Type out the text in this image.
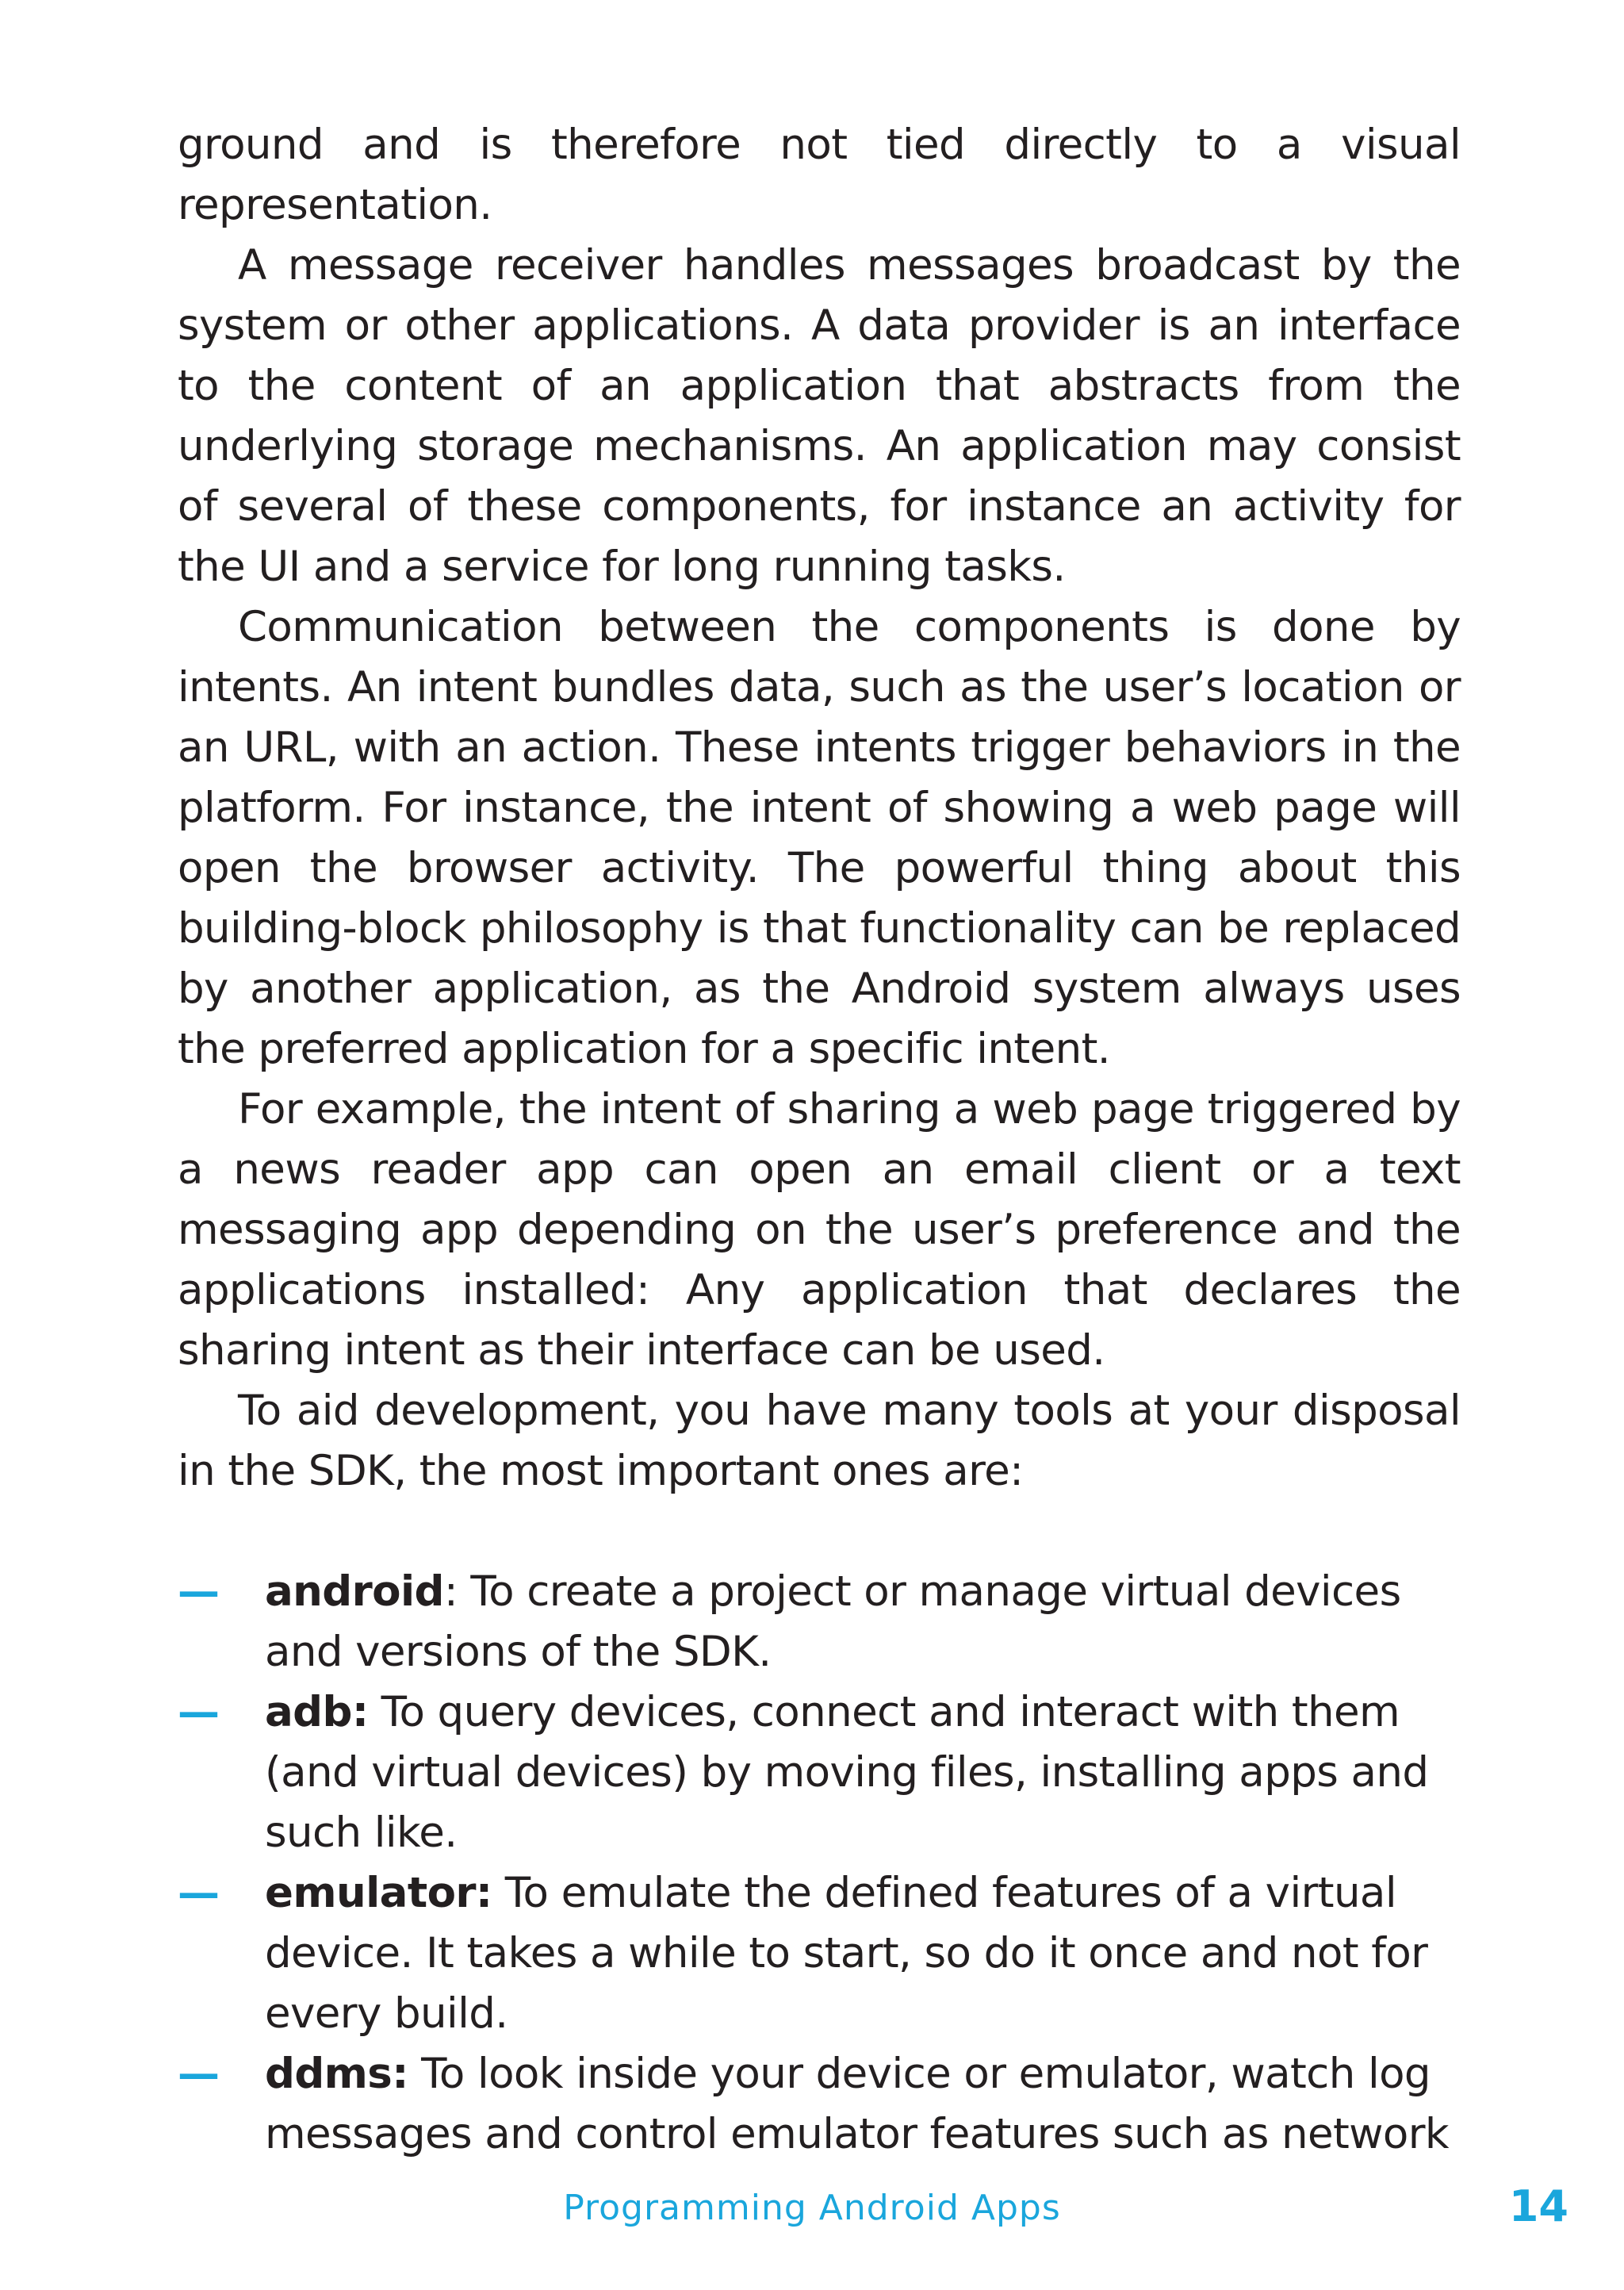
ground and is therefore not tied directly to a visual representation.

A message receiver handles messages broadcast by the system or other applications. A data provider is an interface to the content of an application that abstracts from the underlying storage mechanisms. An application may consist of several of these components, for instance an activity for the UI and a service for long running tasks.

Communication between the components is done by intents. An intent bundles data, such as the user’s location or an URL, with an action. These intents trigger behaviors in the platform. For instance, the intent of showing a web page will open the browser activity. The powerful thing about this building-block philosophy is that functionality can be replaced by another application, as the Android system always uses the preferred application for a specific intent.

For example, the intent of sharing a web page triggered by a news reader app can open an email client or a text messaging app depending on the user’s preference and the applications installed: Any application that declares the sharing intent as their interface can be used.

To aid development, you have many tools at your disposal in the SDK, the most important ones are:

— android: To create a project or manage virtual devices and versions of the SDK.
— adb: To query devices, connect and interact with them (and virtual devices) by moving files, installing apps and such like.
— emulator: To emulate the defined features of a virtual device. It takes a while to start, so do it once and not for every build.
— ddms: To look inside your device or emulator, watch log messages and control emulator features such as network
Programming Android Apps	14
